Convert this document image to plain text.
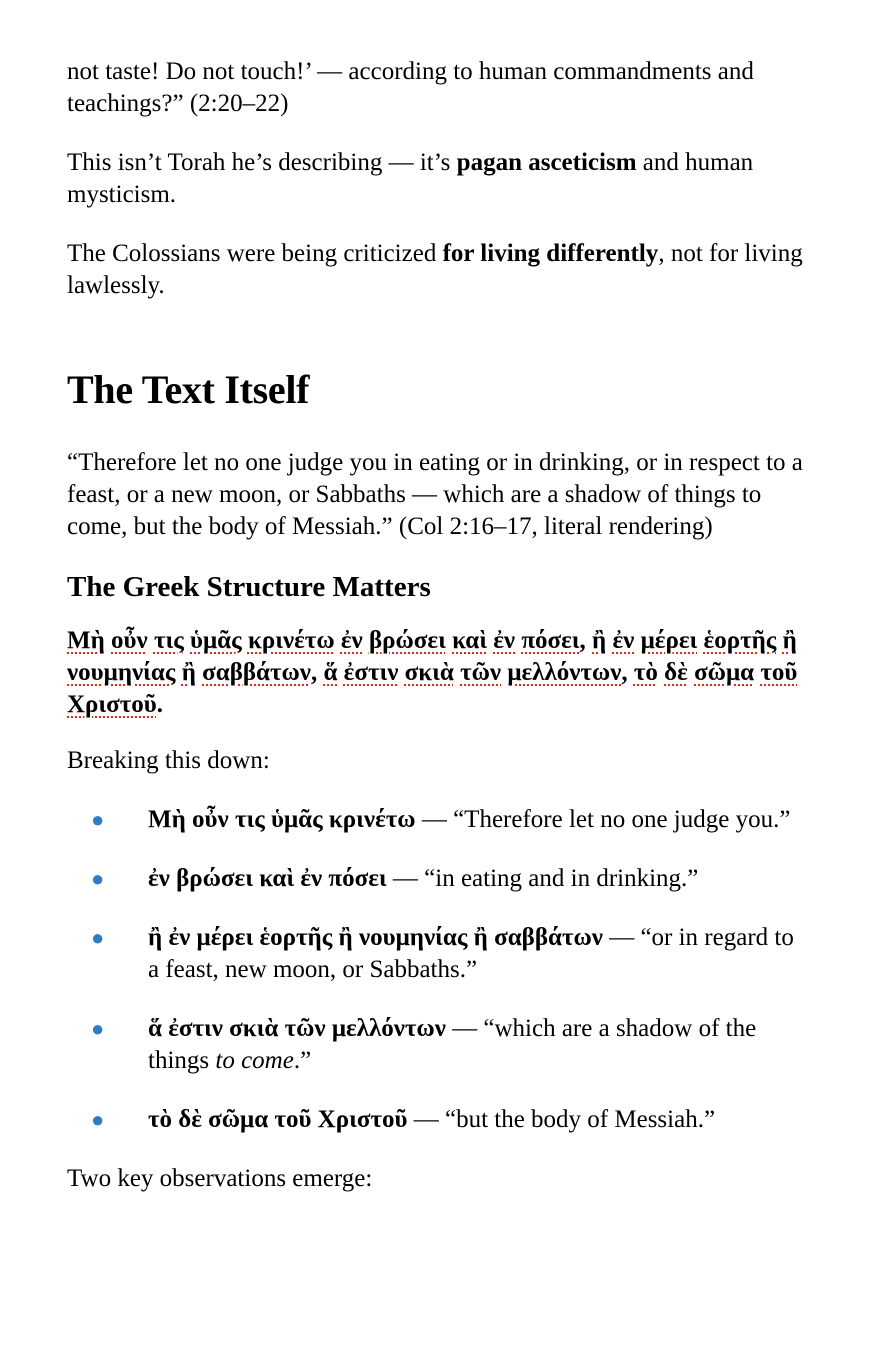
not taste! Do not touch!’ — according to human commandments and teachings?” (2:20–22)

This isn’t Torah he’s describing — it’s pagan asceticism and human mysticism.

The Colossians were being criticized for living differently, not for living lawlessly.

The Text Itself

“Therefore let no one judge you in eating or in drinking, or in respect to a feast, or a new moon, or Sabbaths — which are a shadow of things to come, but the body of Messiah.” (Col 2:16–17, literal rendering)

The Greek Structure Matters

Μὴ οὖν τις ὑμᾶς κρινέτω ἐν βρώσει καὶ ἐν πόσει, ἢ ἐν μέρει ἑορτῆς ἢ νουμηνίας ἢ σαββάτων, ἅ ἐστιν σκιὰ τῶν μελλόντων, τὸ δὲ σῶμα τοῦ Χριστοῦ.

Breaking this down:

● Μὴ οὖν τις ὑμᾶς κρινέτω — “Therefore let no one judge you.”
● ἐν βρώσει καὶ ἐν πόσει — “in eating and in drinking.”
● ἢ ἐν μέρει ἑορτῆς ἢ νουμηνίας ἢ σαββάτων — “or in regard to a feast, new moon, or Sabbaths.”
● ἅ ἐστιν σκιὰ τῶν μελλόντων — “which are a shadow of the things to come.”
● τὸ δὲ σῶμα τοῦ Χριστοῦ — “but the body of Messiah.”

Two key observations emerge:
